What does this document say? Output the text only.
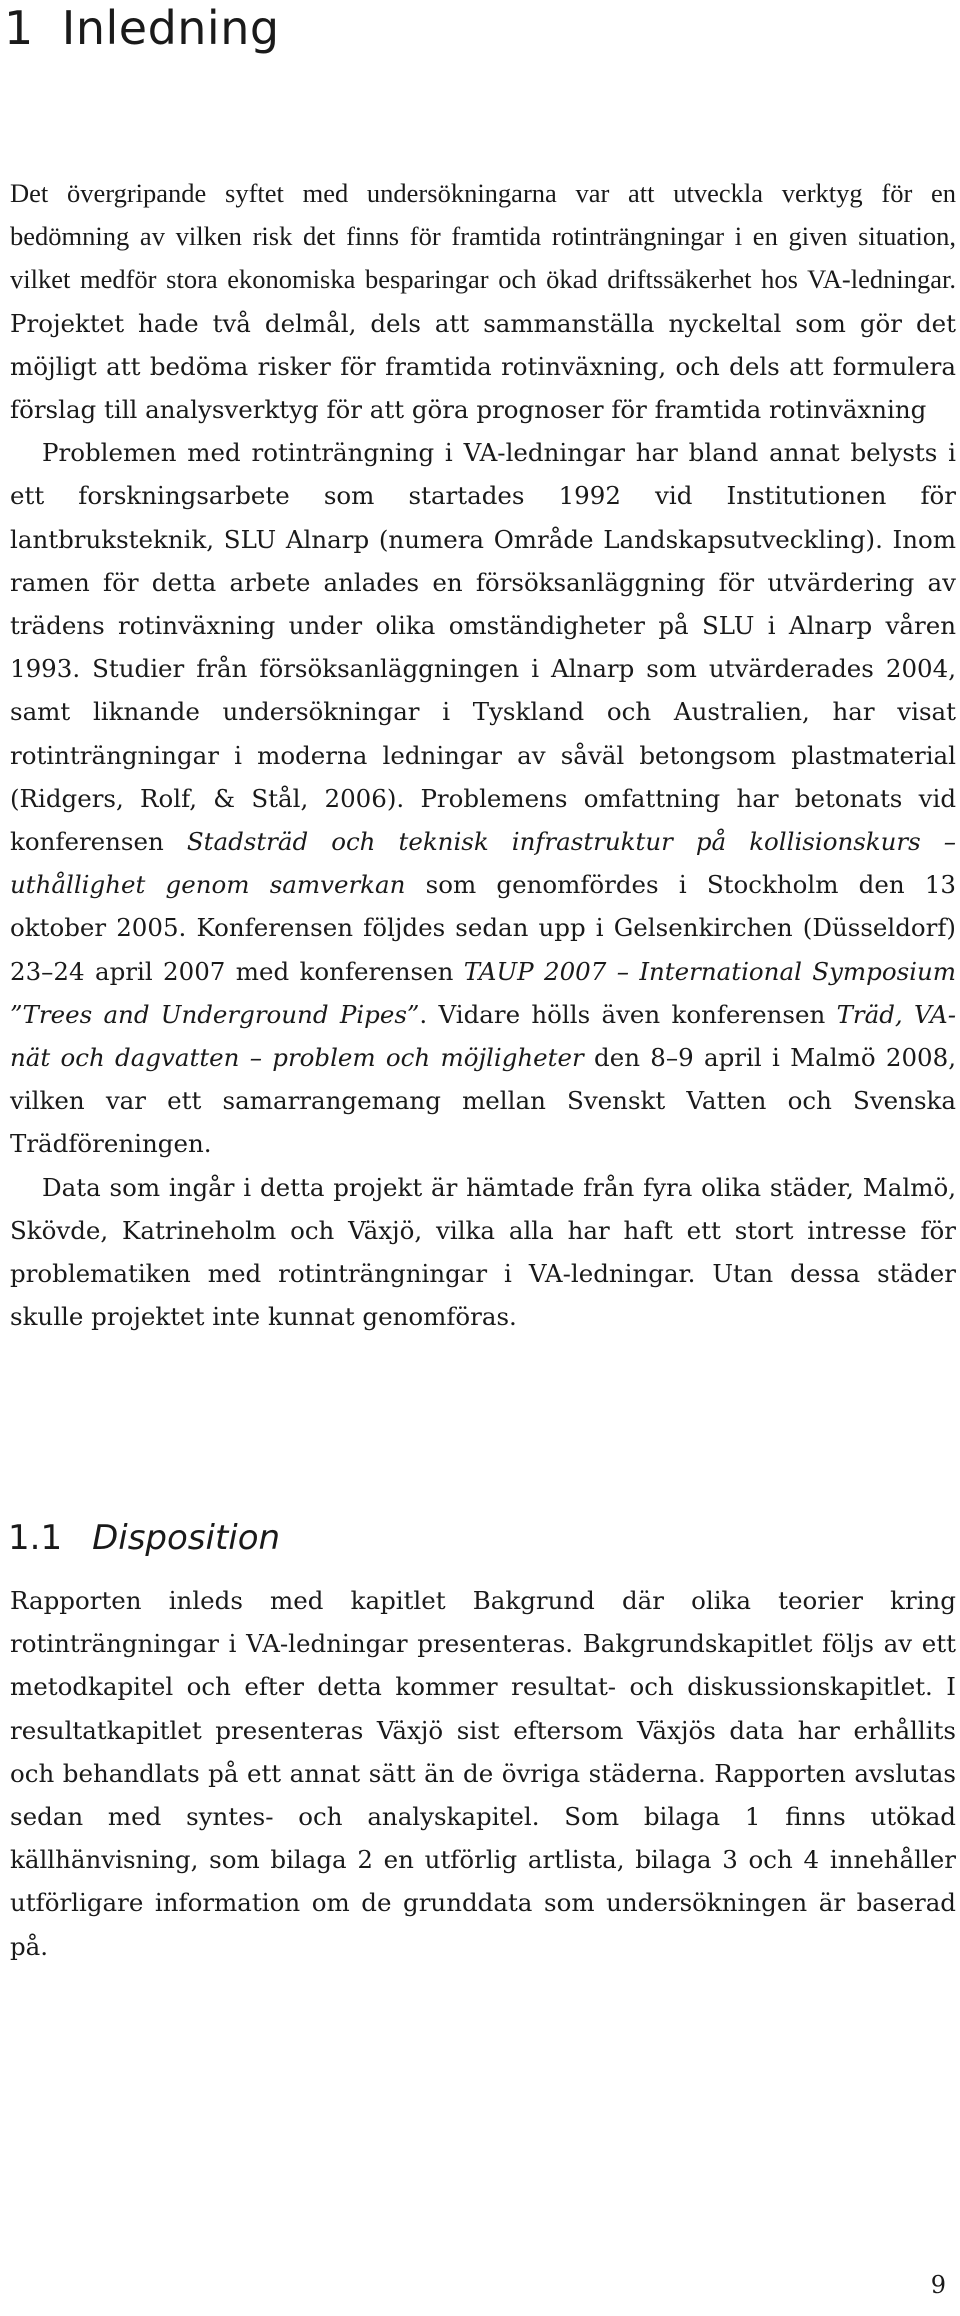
1 Inledning

Det övergripande syftet med undersökningarna var att utveckla verktyg för en bedömning av vilken risk det finns för framtida rotinträngningar i en given situation, vilket medför stora ekonomiska besparingar och ökad driftssäkerhet hos VA-ledningar. Projektet hade två delmål, dels att sammanställa nyckeltal som gör det möjligt att bedöma risker för framtida rotinväxning, och dels att formulera förslag till analysverktyg för att göra prognoser för framtida rotinväxning

Problemen med rotinträngning i VA-ledningar har bland annat belysts i ett forskningsarbete som startades 1992 vid Institutionen för lantbruksteknik, SLU Alnarp (numera Område Landskapsutveckling). Inom ramen för detta arbete anlades en försöksanläggning för utvärdering av trädens rotinväxning under olika omständigheter på SLU i Alnarp våren 1993. Studier från försöksanläggningen i Alnarp som utvärderades 2004, samt liknande undersökningar i Tyskland och Australien, har visat rotinträngningar i moderna ledningar av såväl betongsom plastmaterial (Ridgers, Rolf, & Stål, 2006). Problemens omfattning har betonats vid konferensen Stadsträd och teknisk infrastruktur på kollisionskurs – uthållighet genom samverkan som genomfördes i Stockholm den 13 oktober 2005. Konferensen följdes sedan upp i Gelsenkirchen (Düsseldorf) 23–24 april 2007 med konferensen TAUP 2007 – International Symposium ”Trees and Underground Pipes”. Vidare hölls även konferensen Träd, VA-nät och dagvatten – problem och möjligheter den 8–9 april i Malmö 2008, vilken var ett samarrangemang mellan Svenskt Vatten och Svenska Trädföreningen.

Data som ingår i detta projekt är hämtade från fyra olika städer, Malmö, Skövde, Katrineholm och Växjö, vilka alla har haft ett stort intresse för problematiken med rotinträngningar i VA-ledningar. Utan dessa städer skulle projektet inte kunnat genomföras.

1.1 Disposition

Rapporten inleds med kapitlet Bakgrund där olika teorier kring rotinträngningar i VA-ledningar presenteras. Bakgrundskapitlet följs av ett metodkapitel och efter detta kommer resultat- och diskussionskapitlet. I resultatkapitlet presenteras Växjö sist eftersom Växjös data har erhållits och behandlats på ett annat sätt än de övriga städerna. Rapporten avslutas sedan med syntes- och analyskapitel. Som bilaga 1 finns utökad källhänvisning, som bilaga 2 en utförlig artlista, bilaga 3 och 4 innehåller utförligare information om de grunddata som undersökningen är baserad på.

9
